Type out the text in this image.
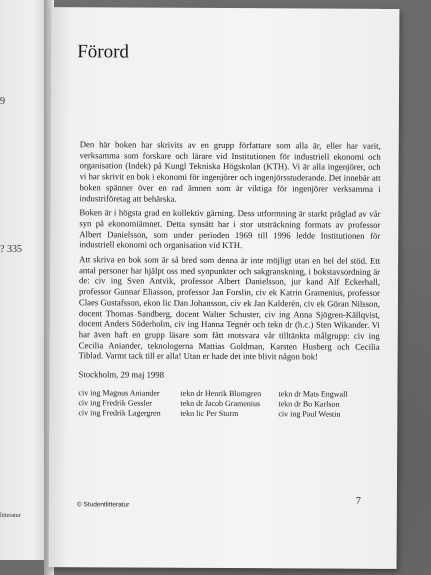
9
? 335
litteratur
Förord

Den här boken har skrivits av en grupp författare som alla är, eller har varit, verksamma som forskare och lärare vid Institutionen för industriell ekonomi och organisation (Indek) på Kungl Tekniska Högskolan (KTH). Vi är alla ingenjörer, och vi har skrivit en bok i ekonomi för ingenjörer och ingenjörsstuderande. Det innebär att boken spänner över en rad ämnen som är viktiga för ingenjörer verksamma i industriföretag att behärska.

Boken är i högsta grad en kollektiv gärning. Dess utformning är starkt präglad av vår syn på ekonomiämnet. Detta synsätt har i stor utsträckning formats av professor Albert Danielsson, som under perioden 1969 till 1996 ledde Institutionen för industriell ekonomi och organisation vid KTH.

Att skriva en bok som är så bred som denna är inte möjligt utan en hel del stöd. Ett antal personer har hjälpt oss med synpunkter och sakgranskning, i bokstavsordning är de: civ ing Sven Antvik, professor Albert Danielsson, jur kand Alf Eckerhall, professor Gunnar Eliasson, professor Jan Forslin, civ ek Katrin Gramenius, professor Claes Gustafsson, ekon lic Dan Johansson, civ ek Jan Kalderén, civ ek Göran Nilsson, docent Thomas Sandberg, docent Walter Schuster, civ ing Anna Sjögren-Källqvist, docent Anders Söderholm, civ ing Hanna Tegnér och tekn dr (h.c.) Sten Wikander. Vi har även haft en grupp läsare som fått motsvara vår tilltänkta målgrupp: civ ing Cecilia Aniander, teknologerna Mattias Goldman, Karsten Husberg och Cecilia Tiblad. Varmt tack till er alla! Utan er hade det inte blivit någon bok!

Stockholm, 29 maj 1998

civ ing Magnus Aniander	tekn dr Henrik Blomgren	tekn dr Mats Engwall
civ ing Fredrik Gessler	tekn dr Jacob Gramenius	tekn dr Bo Karlson
civ ing Fredrik Lagergren	tekn lic Per Storm	civ ing Paul Westin
© Studentlitteratur	7
